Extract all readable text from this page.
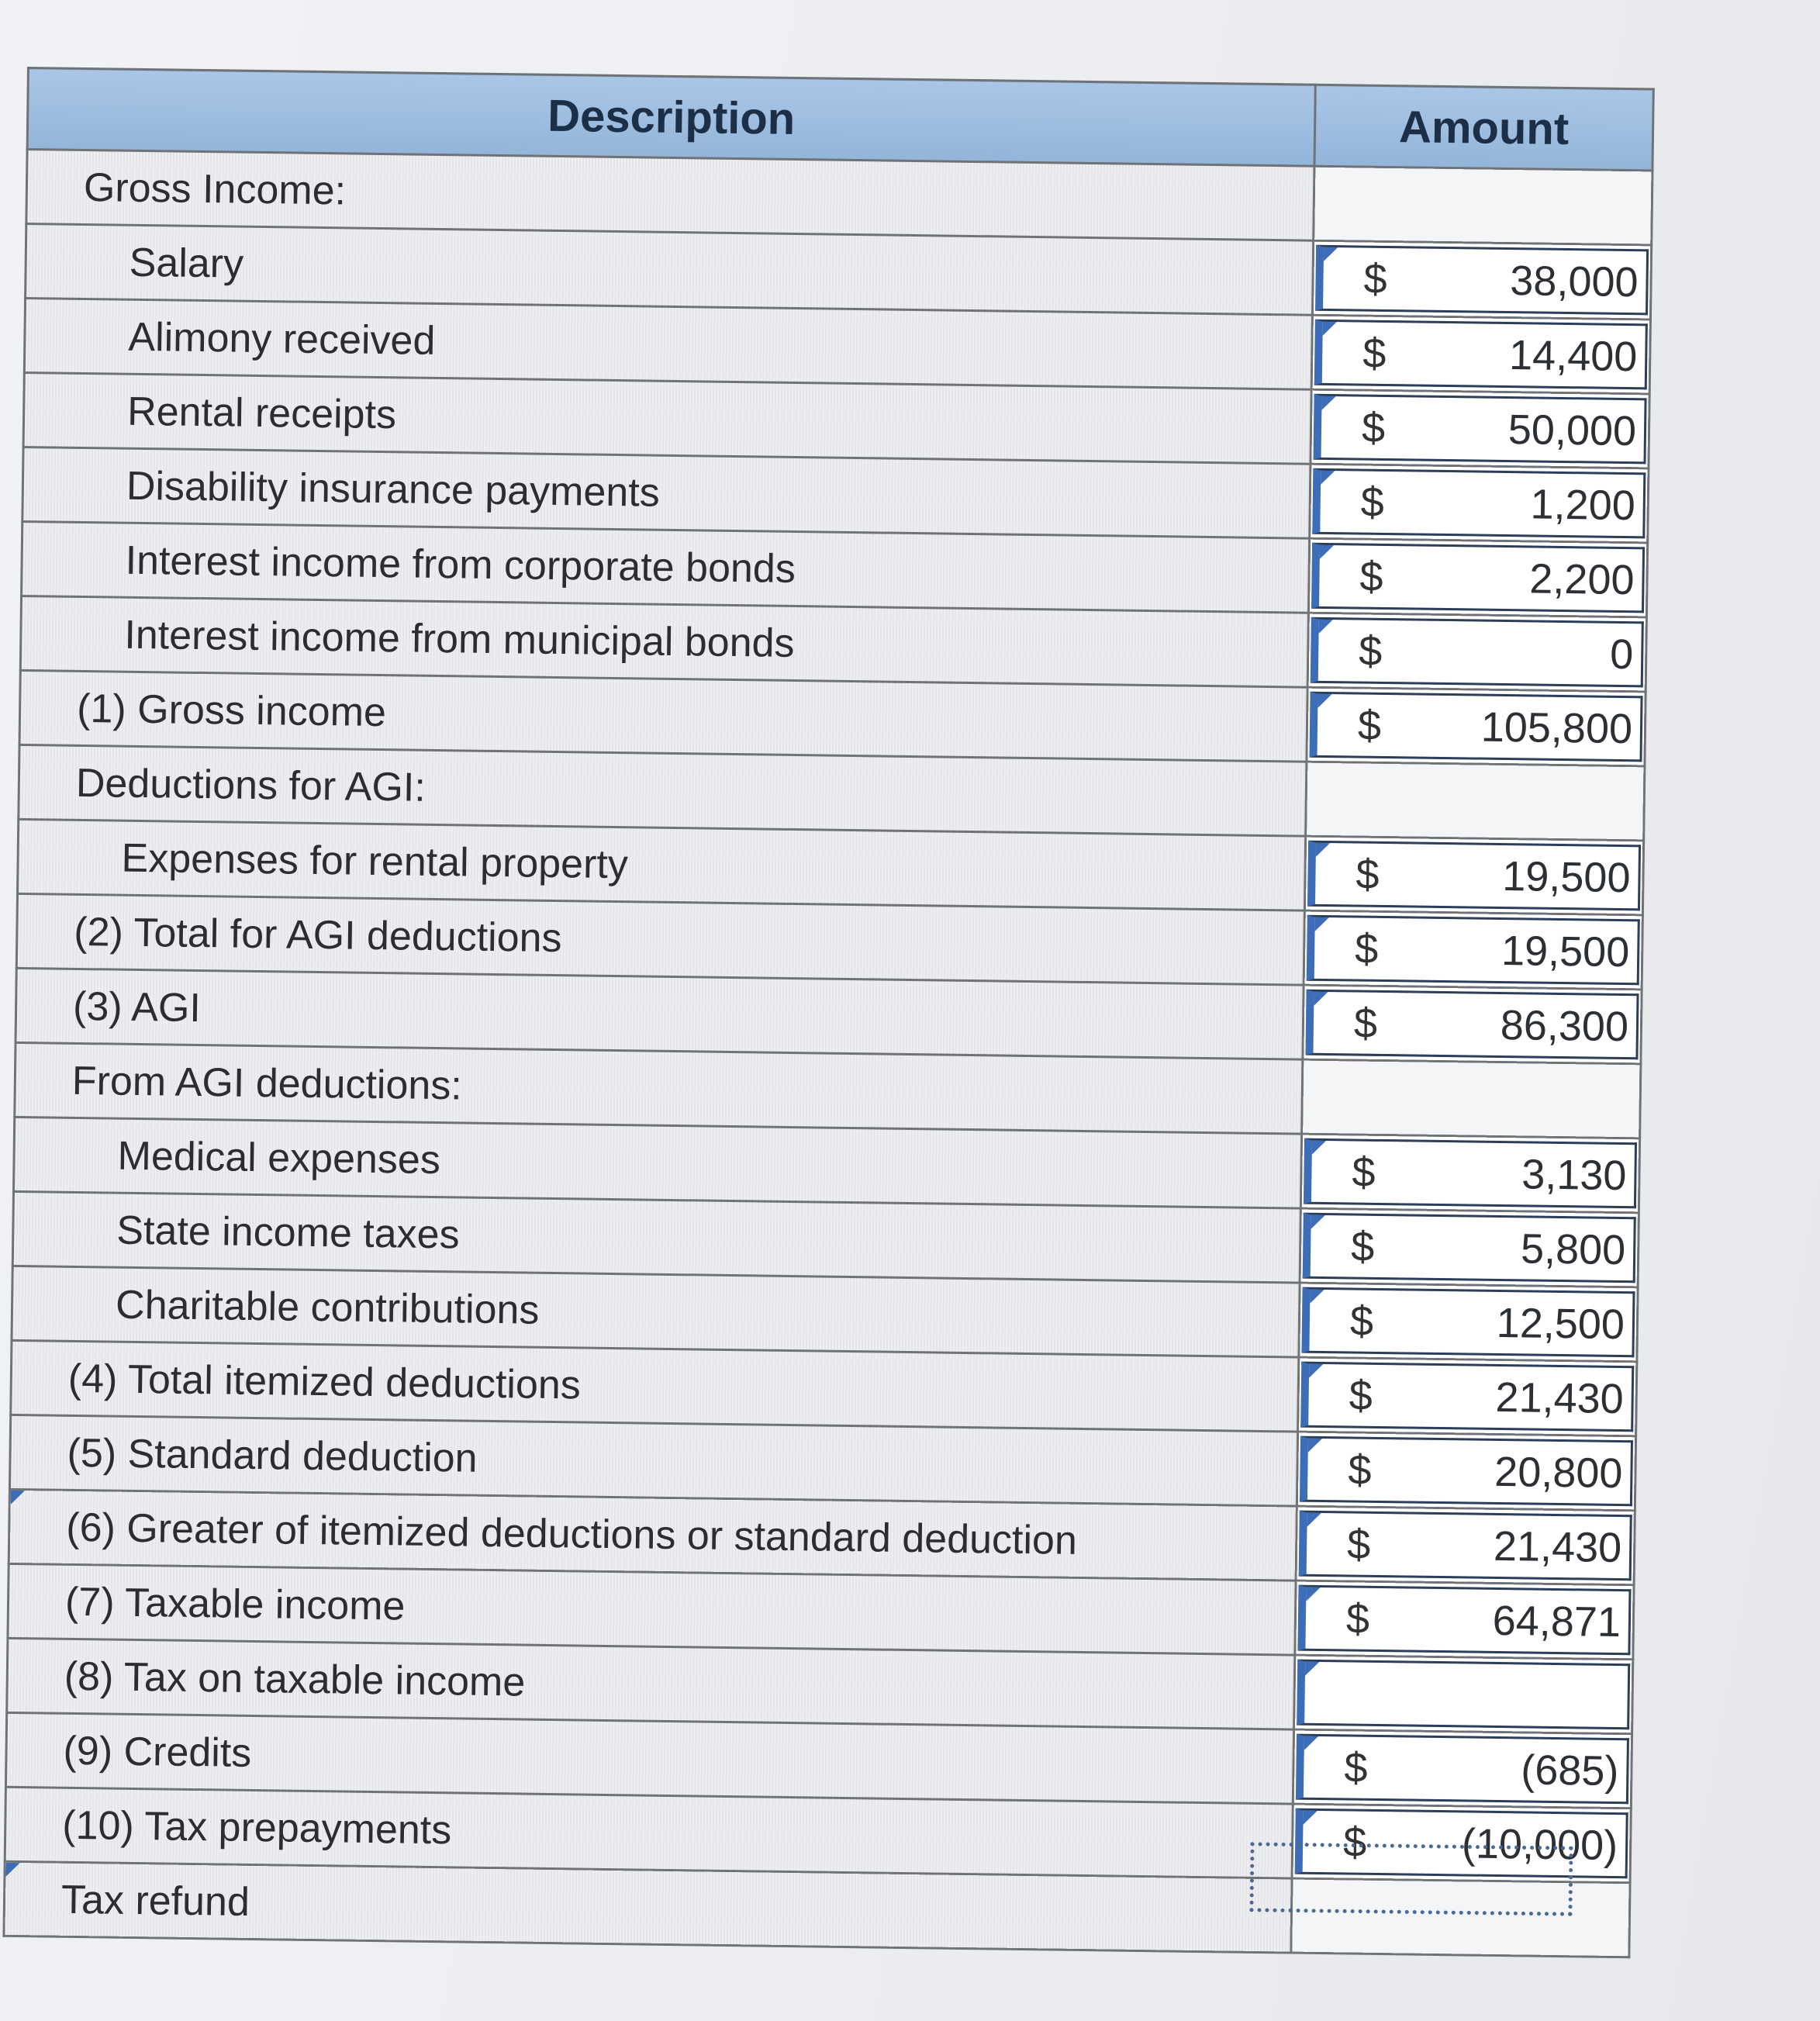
Description	Amount
Gross Income:	
Salary	$ 38,000

Alimony received	$ 14,400

Rental receipts	$ 50,000

Disability insurance payments	$ 1,200

Interest income from corporate bonds	$ 2,200

Interest income from municipal bonds	$ 0

(1) Gross income	$ 105,800

Deductions for AGI:	
Expenses for rental property	$ 19,500

(2) Total for AGI deductions	$ 19,500

(3) AGI	$ 86,300

From AGI deductions:	
Medical expenses	$ 3,130

State income taxes	$ 5,800

Charitable contributions	$ 12,500

(4) Total itemized deductions	$ 21,430

(5) Standard deduction	$ 20,800

(6) Greater of itemized deductions or standard deduction	$ 21,430

(7) Taxable income	$ 64,871

(8) Tax on taxable income	

(9) Credits	$ (685)

(10) Tax prepayments	$ (10,000)

Tax refund	
